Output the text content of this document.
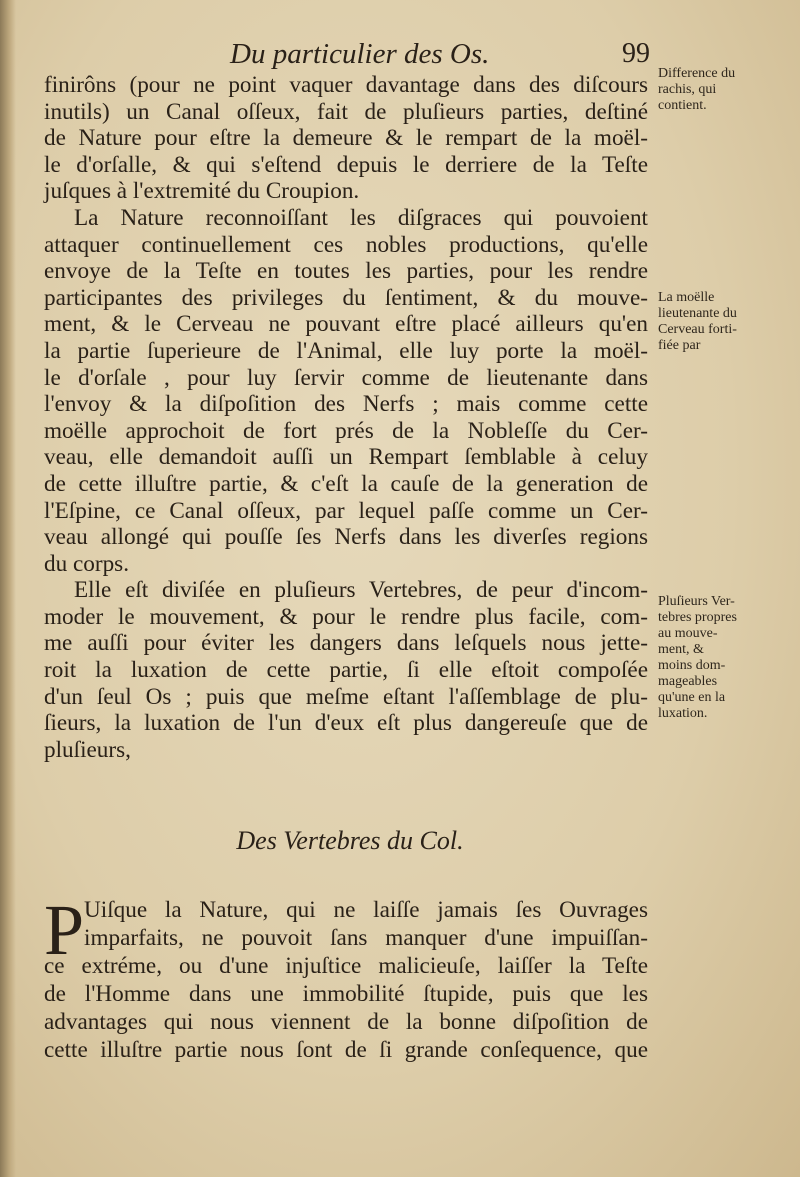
Du particulier des Os.	99
finirôns (pour ne point vaquer davantage dans des diſcours
inutils) un Canal oſſeux, fait de pluſieurs parties, deſtiné
de Nature pour eſtre la demeure & le rempart de la moël-
le d'orſalle, & qui s'eſtend depuis le derriere de la Teſte
juſques à l'extremité du Croupion.
La Nature reconnoiſſant les diſgraces qui pouvoient
attaquer continuellement ces nobles productions, qu'elle
envoye de la Teſte en toutes les parties, pour les rendre
participantes des privileges du ſentiment, & du mouve-
ment, & le Cerveau ne pouvant eſtre placé ailleurs qu'en
la partie ſuperieure de l'Animal, elle luy porte la moël-
le d'orſale , pour luy ſervir comme de lieutenante dans
l'envoy & la diſpoſition des Nerfs ; mais comme cette
moëlle approchoit de fort prés de la Nobleſſe du Cer-
veau, elle demandoit auſſi un Rempart ſemblable à celuy
de cette illuſtre partie, & c'eſt la cauſe de la generation de
l'Eſpine, ce Canal oſſeux, par lequel paſſe comme un Cer-
veau allongé qui pouſſe ſes Nerfs dans les diverſes regions
du corps.
Elle eſt diviſée en pluſieurs Vertebres, de peur d'incom-
moder le mouvement, & pour le rendre plus facile, com-
me auſſi pour éviter les dangers dans leſquels nous jette-
roit la luxation de cette partie, ſi elle eſtoit compoſée
d'un ſeul Os ; puis que meſme eſtant l'aſſemblage de plu-
ſieurs, la luxation de l'un d'eux eſt plus dangereuſe que de
pluſieurs,
Des Vertebres du Col.
P Uiſque la Nature, qui ne laiſſe jamais ſes Ouvrages
imparfaits, ne pouvoit ſans manquer d'une impuiſſan-
ce extréme, ou d'une injuſtice malicieuſe, laiſſer la Teſte
de l'Homme dans une immobilité ſtupide, puis que les
advantages qui nous viennent de la bonne diſpoſition de
cette illuſtre partie nous ſont de ſi grande conſequence, que
Difference du
rachis, qui
contient.
La moëlle
lieutenante du
Cerveau forti-
fiée par
Pluſieurs Ver-
tebres propres
au mouve-
ment, &
moins dom-
mageables
qu'une en la
luxation.
